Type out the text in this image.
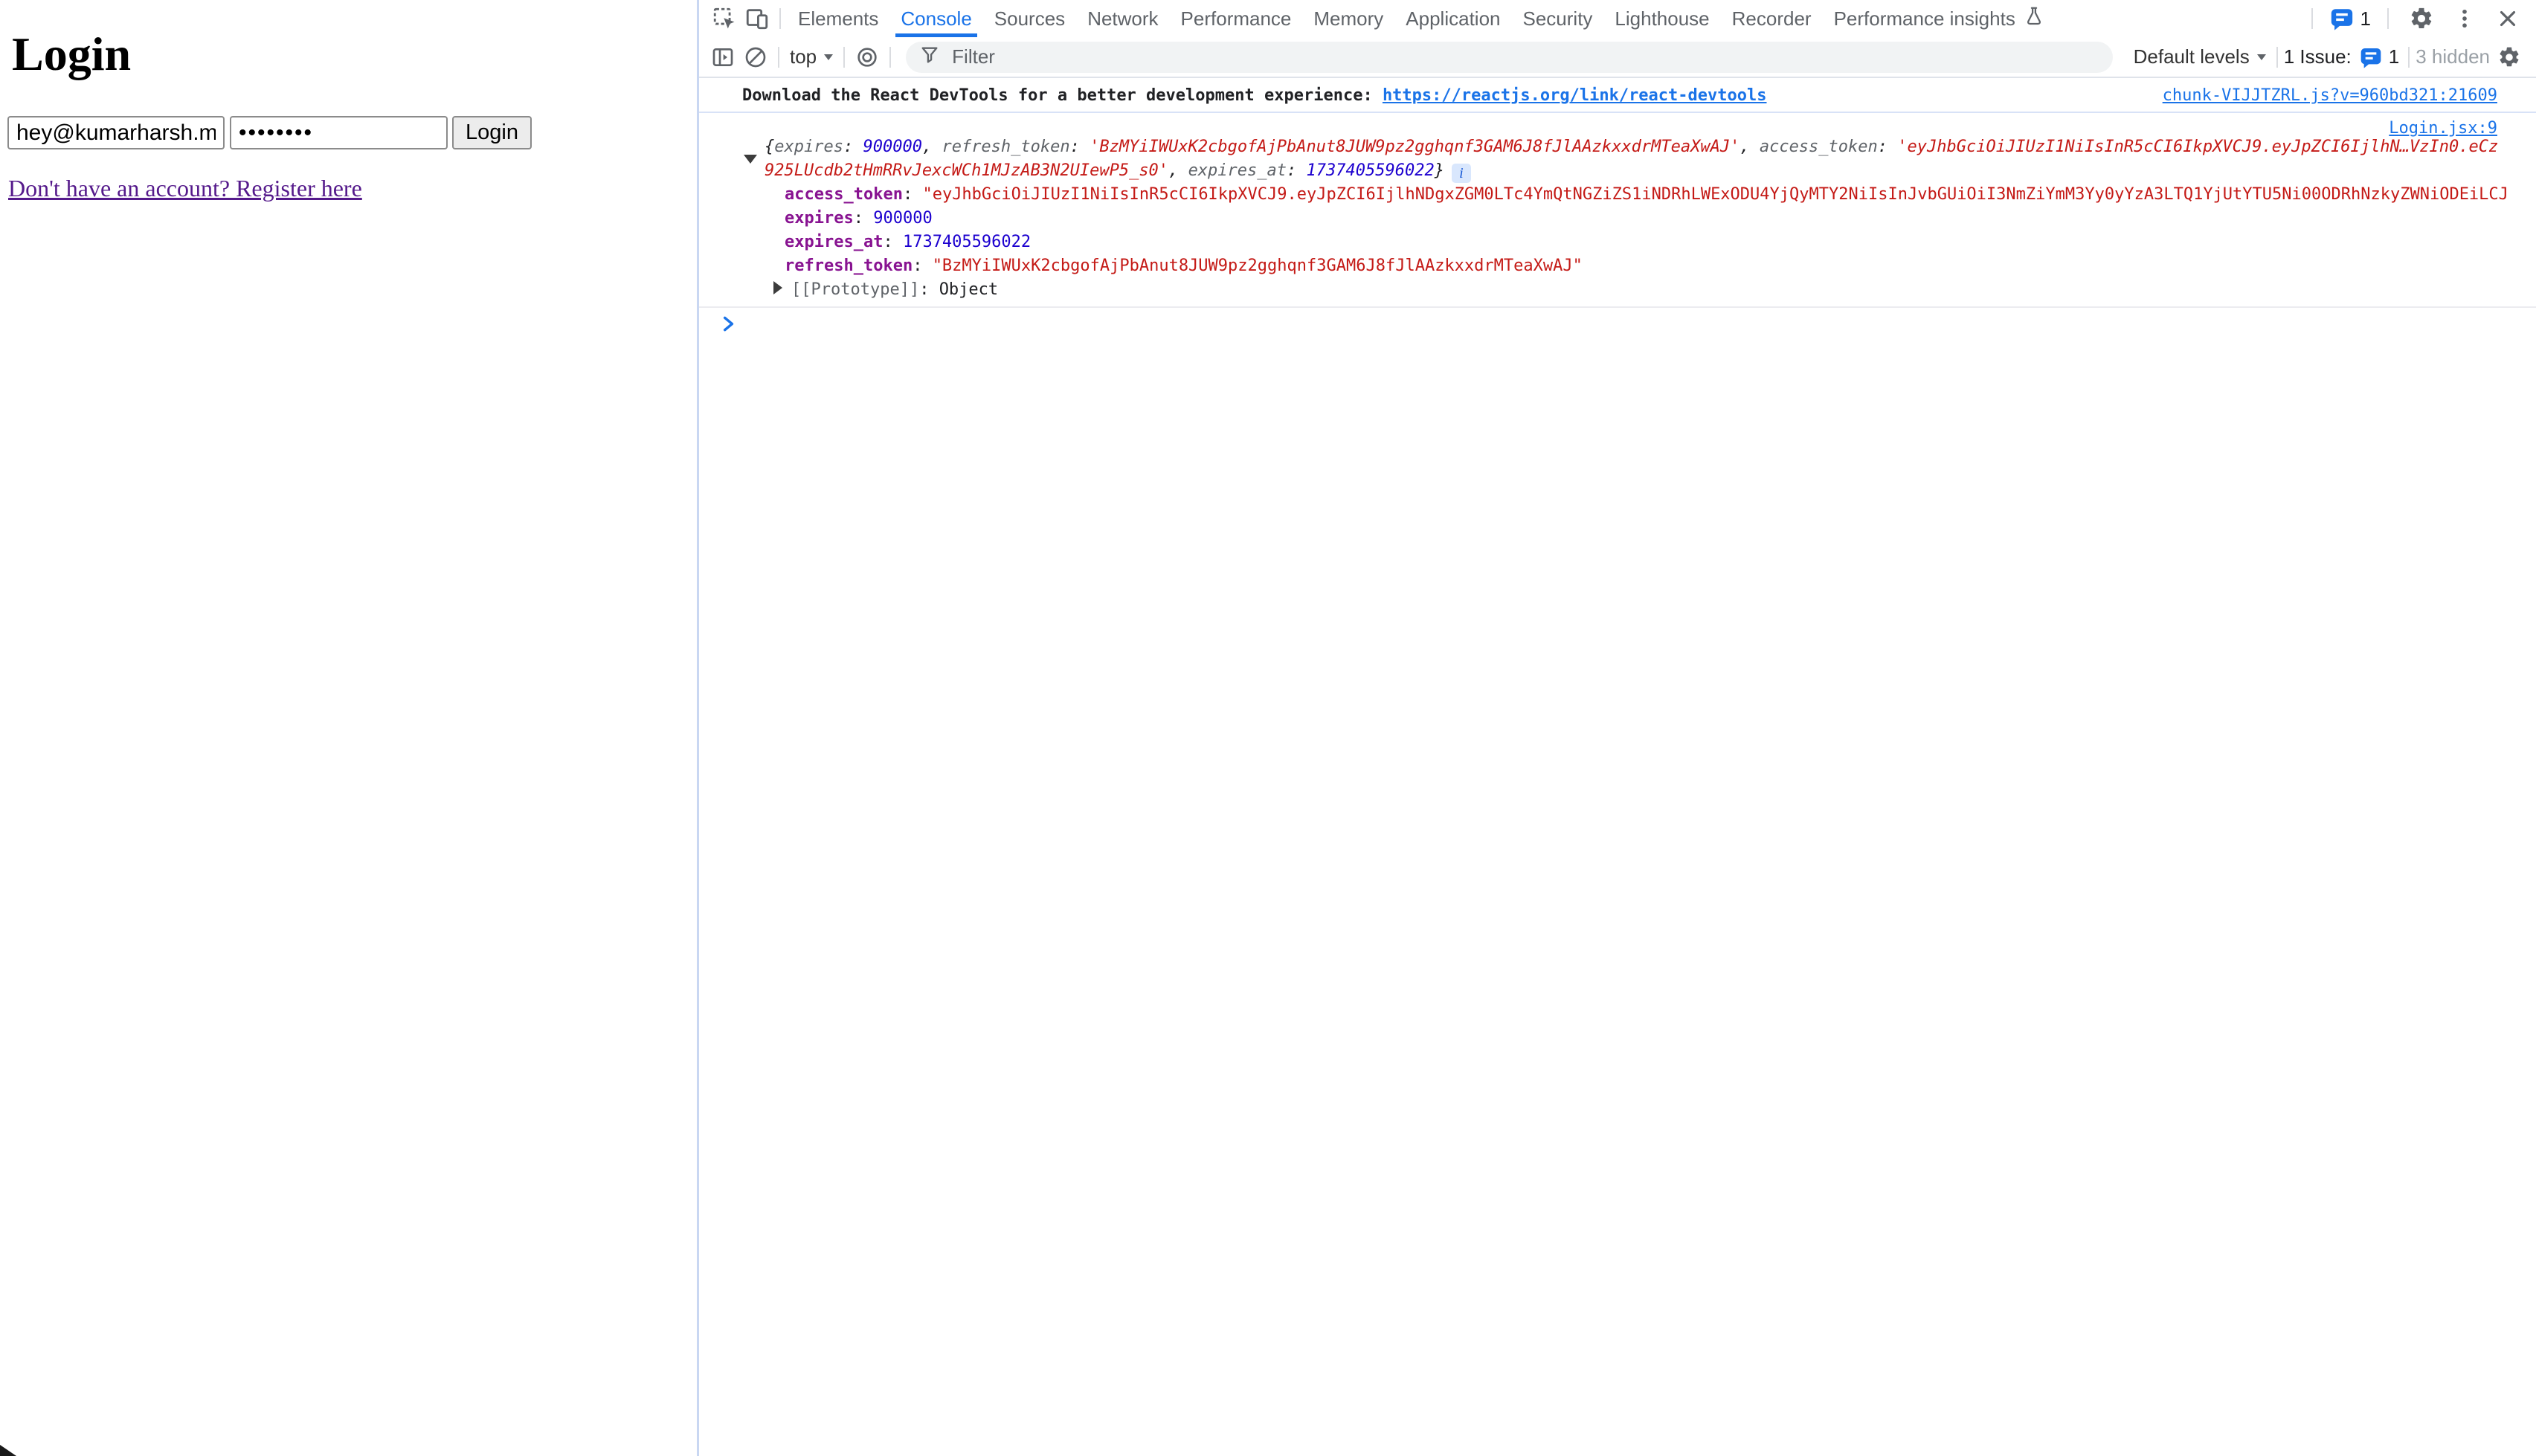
Login
hey@kumarharsh.me
••••••••
Login
Don't have an account? Register here
Elements Console Sources Network Performance Memory Application Security Lighthouse Recorder Performance insights	1
top
Filter	Default levels 1 Issue: 1 3 hidden
Download the React DevTools for a better development experience: https://reactjs.org/link/react-devtools	chunk-VIJJTZRL.js?v=960bd321:21609
Login.jsx:9
{expires: 900000, refresh_token: 'BzMYiIWUxK2cbgofAjPbAnut8JUW9pz2gghqnf3GAM6J8fJlAAzkxxdrMTeaXwAJ', access_token: 'eyJhbGciOiJIUzI1NiIsInR5cCI6IkpXVCJ9.eyJpZCI6IjlhN…VzIn0.eCz925LUcdb2tHmRRvJexcWCh1MJzAB3N2UIewP5_s0', expires_at: 1737405596022} i
access_token: "eyJhbGciOiJIUzI1NiIsInR5cCI6IkpXVCJ9.eyJpZCI6IjlhNDgxZGM0LTc4YmQtNGZiZS1iNDRhLWExODU4YjQyMTY2NiIsInJvbGUiOiI3NmZiYmM3Yy0yYzA3LTQ1YjUtYTU5Ni00ODRhNzkyZWNiODEiLCJ
expires: 900000
expires_at: 1737405596022
refresh_token: "BzMYiIWUxK2cbgofAjPbAnut8JUW9pz2gghqnf3GAM6J8fJlAAzkxxdrMTeaXwAJ"
[[Prototype]]: Object
